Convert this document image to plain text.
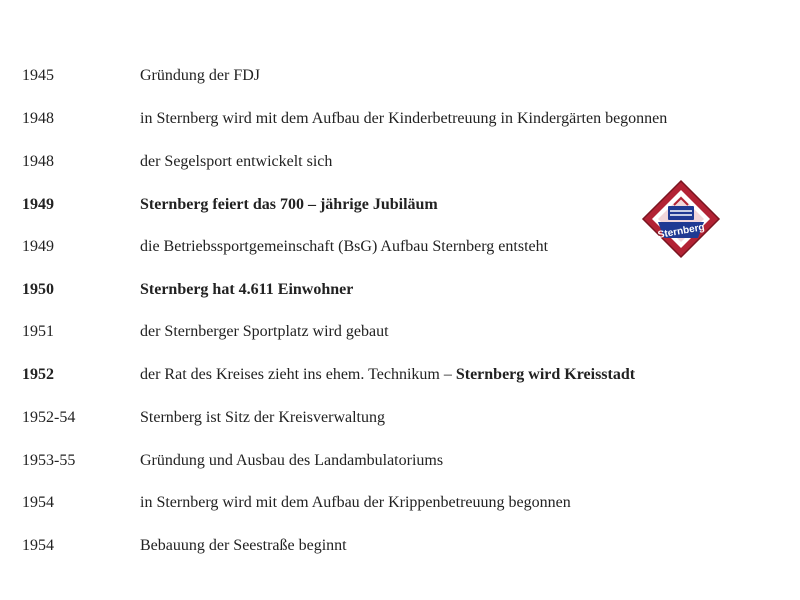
1945	Gründung der FDJ
1948	in Sternberg wird mit dem Aufbau der Kinderbetreuung in Kindergärten begonnen
1948	der Segelsport entwickelt sich
1949	Sternberg feiert das 700 – jährige Jubiläum
1949	die Betriebssportgemeinschaft (BsG) Aufbau Sternberg entsteht
1950	Sternberg hat 4.611 Einwohner
1951	der Sternberger Sportplatz wird gebaut
1952	der Rat des Kreises zieht ins ehem. Technikum – Sternberg wird Kreisstadt
1952-54	Sternberg ist Sitz der Kreisverwaltung
1953-55	Gründung und Ausbau des Landambulatoriums
1954	in Sternberg wird mit dem Aufbau der Krippenbetreuung begonnen
1954	Bebauung der Seestraße beginnt
Sternberg
